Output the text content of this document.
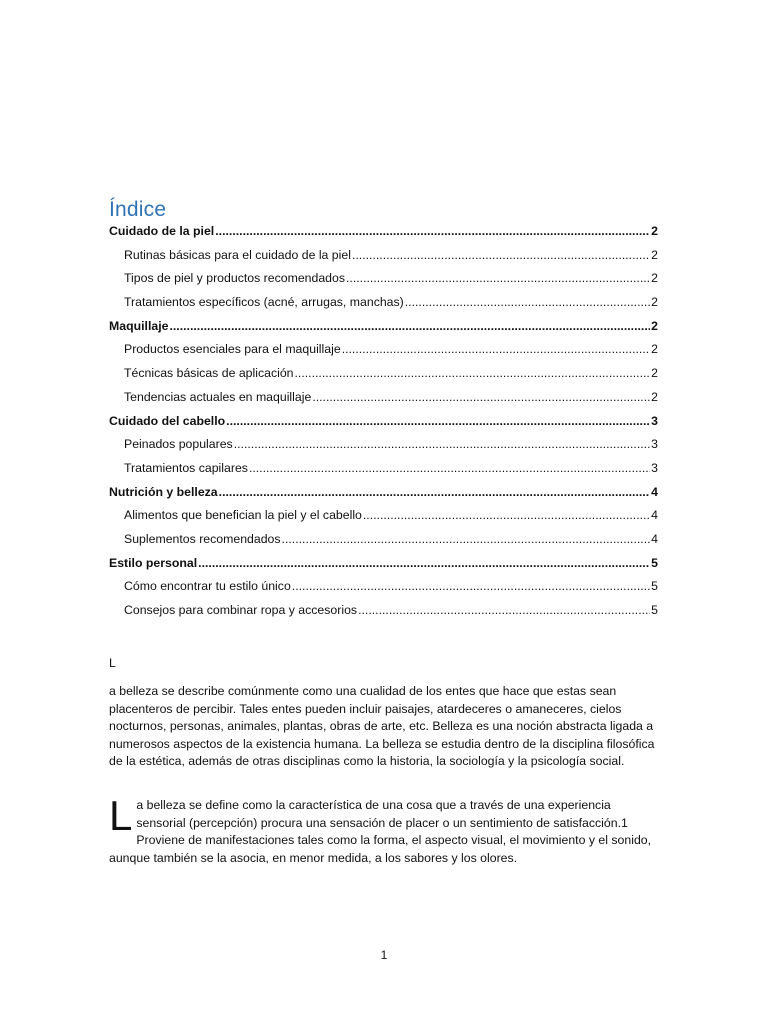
Índice
Cuidado de la piel .....	2
Rutinas básicas para el cuidado de la piel .....	2
Tipos de piel y productos recomendados .....	2
Tratamientos específicos (acné, arrugas, manchas) .....	2
Maquillaje .....	2
Productos esenciales para el maquillaje .....	2
Técnicas básicas de aplicación .....	2
Tendencias actuales en maquillaje .....	2
Cuidado del cabello .....	3
Peinados populares .....	3
Tratamientos capilares .....	3
Nutrición y belleza .....	4
Alimentos que benefician la piel y el cabello .....	4
Suplementos recomendados .....	4
Estilo personal .....	5
Cómo encontrar tu estilo único .....	5
Consejos para combinar ropa y accesorios .....	5

L

a belleza se describe comúnmente como una cualidad de los entes que hace que estas sean placenteros de percibir. Tales entes pueden incluir paisajes, atardeceres o amaneceres, cielos nocturnos, personas, animales, plantas, obras de arte, etc. Belleza es una noción abstracta ligada a numerosos aspectos de la existencia humana. La belleza se estudia dentro de la disciplina filosófica de la estética, además de otras disciplinas como la historia, la sociología y la psicología social.

L a belleza se define como la característica de una cosa que a través de una experiencia sensorial (percepción) procura una sensación de placer o un sentimiento de satisfacción.1 Proviene de manifestaciones tales como la forma, el aspecto visual, el movimiento y el sonido, aunque también se la asocia, en menor medida, a los sabores y los olores.
1
